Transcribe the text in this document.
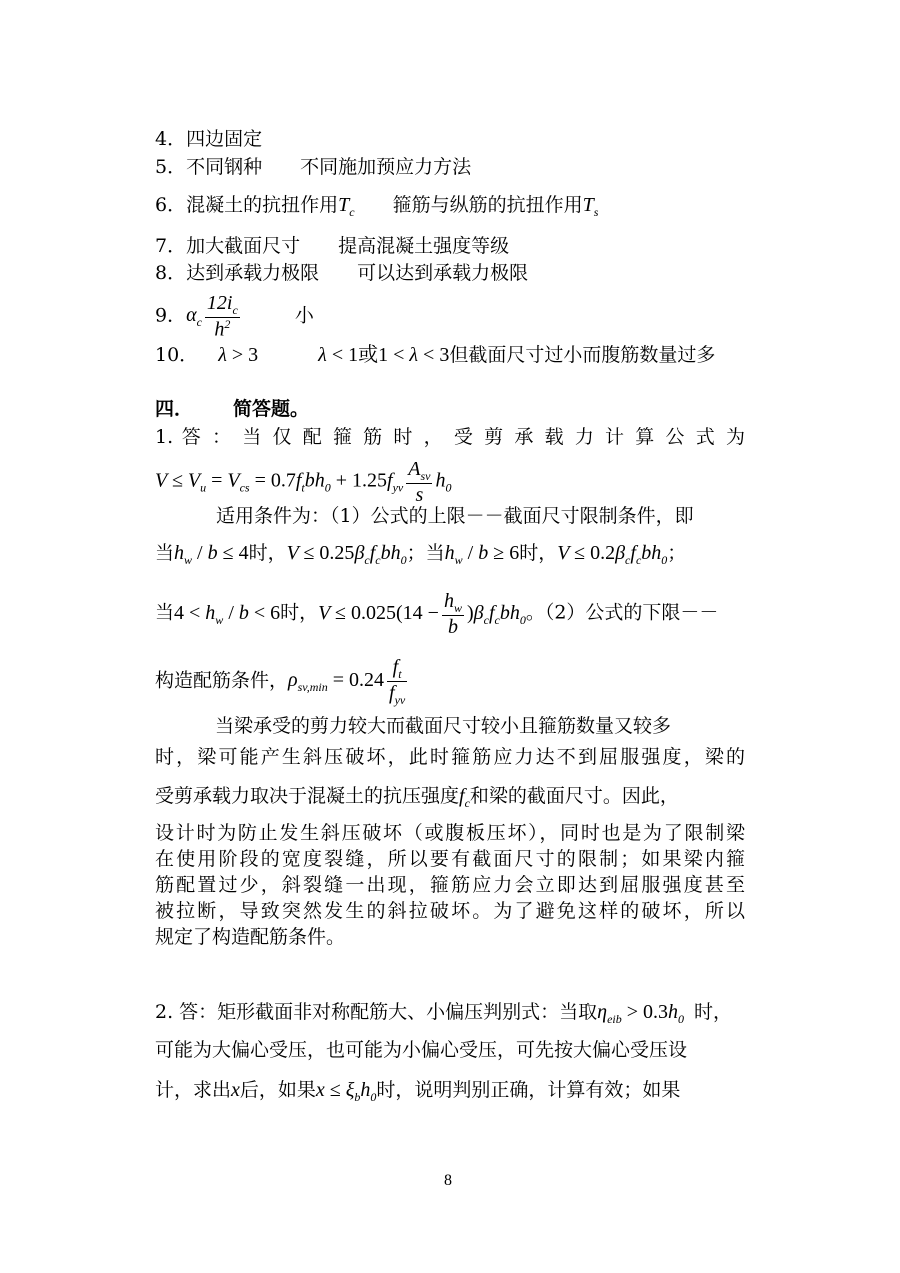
4．四边固定
5．不同钢种 不同施加预应力方法
6．混凝土的抗扭作用$T_c$ 箍筋与纵筋的抗扭作用$T_s$
7．加大截面尺寸 提高混凝土强度等级
8．达到承载力极限 可以达到承载力极限
9．$\alpha_c \frac{12i_c}{h^2}$	小
10． λ > 3	λ < 1或1 < λ < 3但截面尺寸过小而腹筋数量过多
四． 简答题。
1. 答 ： 当 仅 配 箍 筋 时 ， 受 剪 承 载 力 计 算 公 式 为
$V \le V_u = V_{cs} = 0.7f_tbh_0 + 1.25f_{yv} \frac{A_{sv}}{s} h_0$
适用条件为：（1）公式的上限－－截面尺寸限制条件，即
当$h_w / b \le 4$时，$V \le 0.25\beta_cf_cbh_0$；当$h_w / b \ge 6$时，$V \le 0.2\beta_cf_cbh_0$；
当$4 < h_w / b < 6$时，$V \le 0.025(14 - \frac{h_w}{b} )\beta_cf_cbh_0$。（2）公式的下限－－
构造配筋条件，$\rho_{sv,min} = 0.24 \frac{f_t}{f_{yv}}$
当梁承受的剪力较大而截面尺寸较小且箍筋数量又较多
时，梁可能产生斜压破坏，此时箍筋应力达不到屈服强度，梁的
受剪承载力取决于混凝土的抗压强度$f_c$和梁的截面尺寸。因此，
设计时为防止发生斜压破坏（或腹板压坏），同时也是为了限制梁
在使用阶段的宽度裂缝，所以要有截面尺寸的限制；如果梁内箍
筋配置过少，斜裂缝一出现，箍筋应力会立即达到屈服强度甚至
被拉断，导致突然发生的斜拉破坏。为了避免这样的破坏，所以
规定了构造配筋条件。
2. 答：矩形截面非对称配筋大、小偏压判别式：当取$\eta_{eib} > 0.3h_0$ 时，
可能为大偏心受压，也可能为小偏心受压，可先按大偏心受压设
计，求出x后，如果$x \le \xi_bh_0$时，说明判别正确，计算有效；如果
8
